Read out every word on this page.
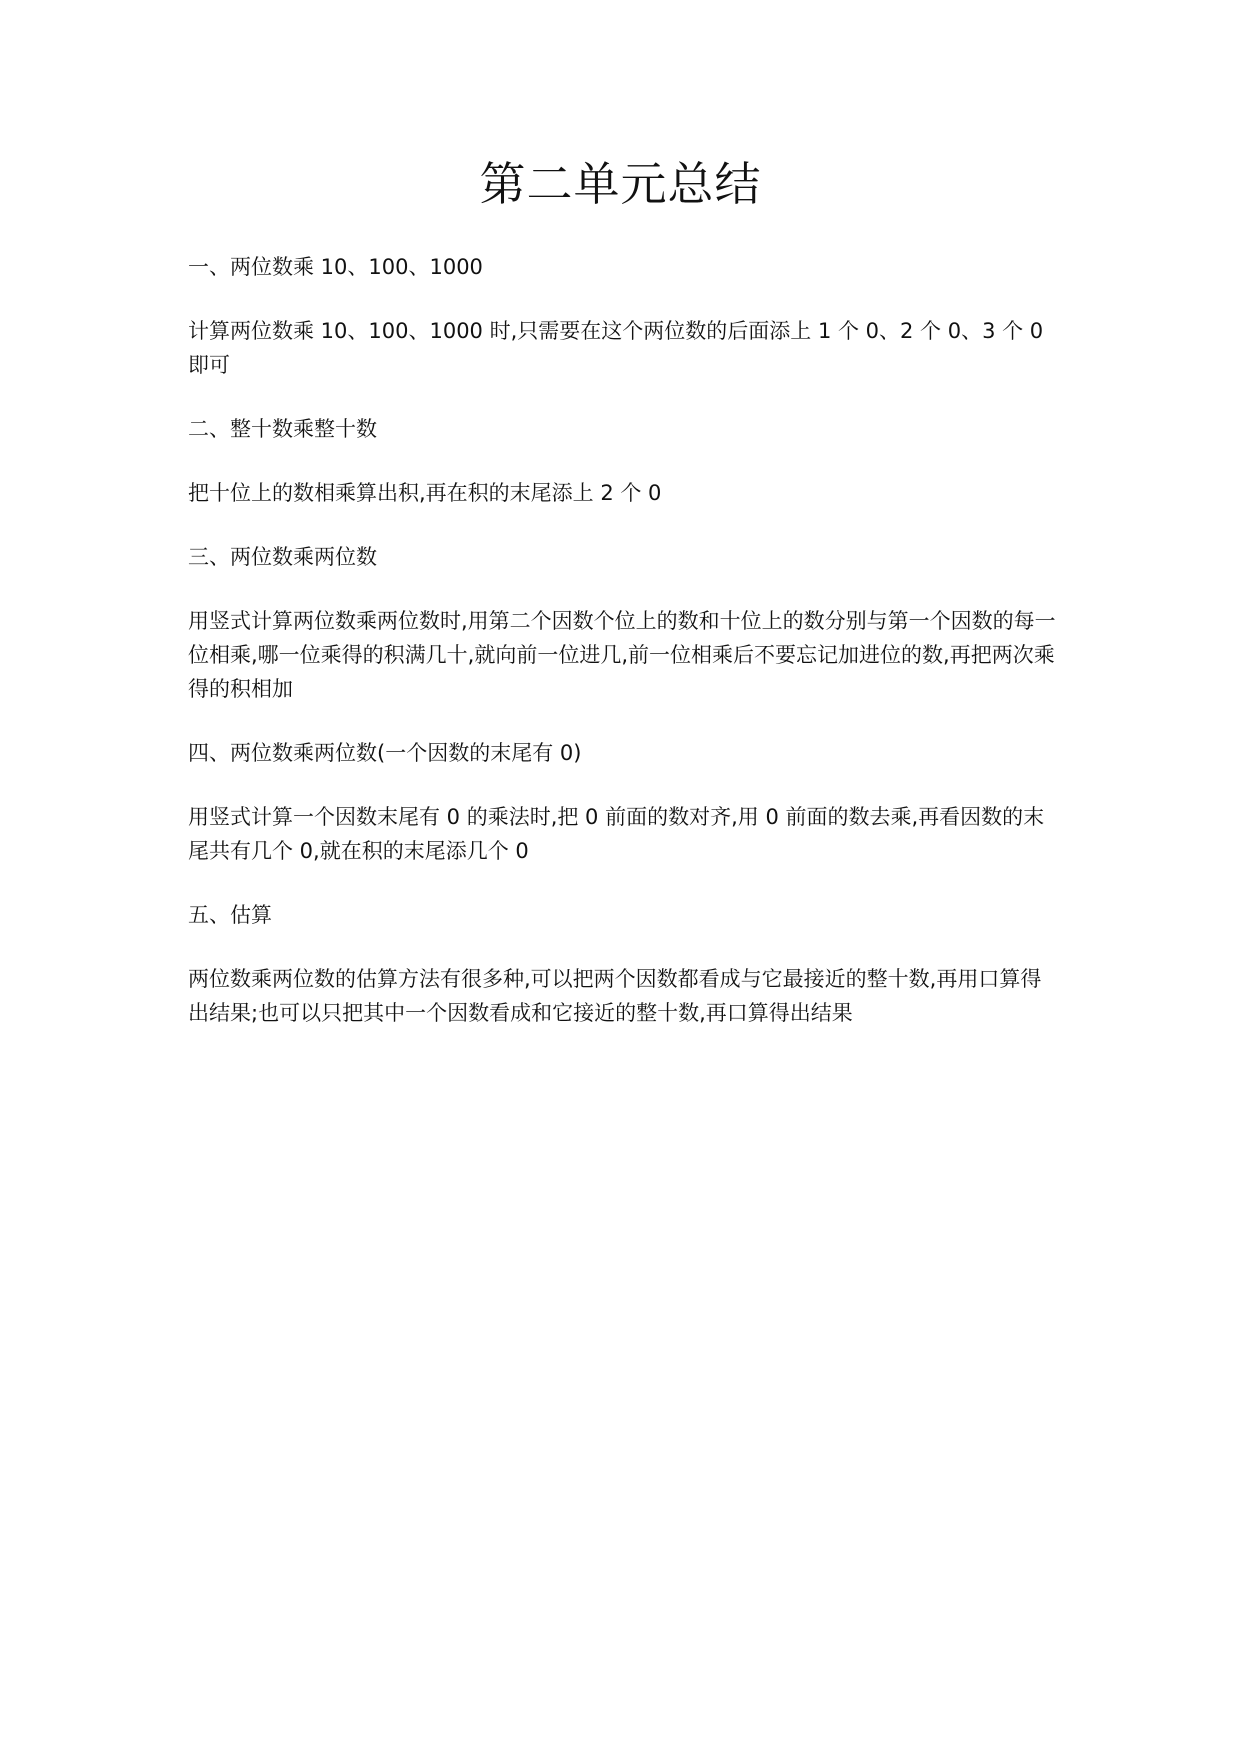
第二单元总结

一、两位数乘 10、100、1000

计算两位数乘 10、100、1000 时,只需要在这个两位数的后面添上 1 个 0、2 个 0、3 个 0 即可

二、整十数乘整十数

把十位上的数相乘算出积,再在积的末尾添上 2 个 0

三、两位数乘两位数

用竖式计算两位数乘两位数时,用第二个因数个位上的数和十位上的数分别与第一个因数的每一位相乘,哪一位乘得的积满几十,就向前一位进几,前一位相乘后不要忘记加进位的数,再把两次乘得的积相加

四、两位数乘两位数(一个因数的末尾有 0)

用竖式计算一个因数末尾有 0 的乘法时,把 0 前面的数对齐,用 0 前面的数去乘,再看因数的末尾共有几个 0,就在积的末尾添几个 0

五、估算

两位数乘两位数的估算方法有很多种,可以把两个因数都看成与它最接近的整十数,再用口算得出结果;也可以只把其中一个因数看成和它接近的整十数,再口算得出结果
